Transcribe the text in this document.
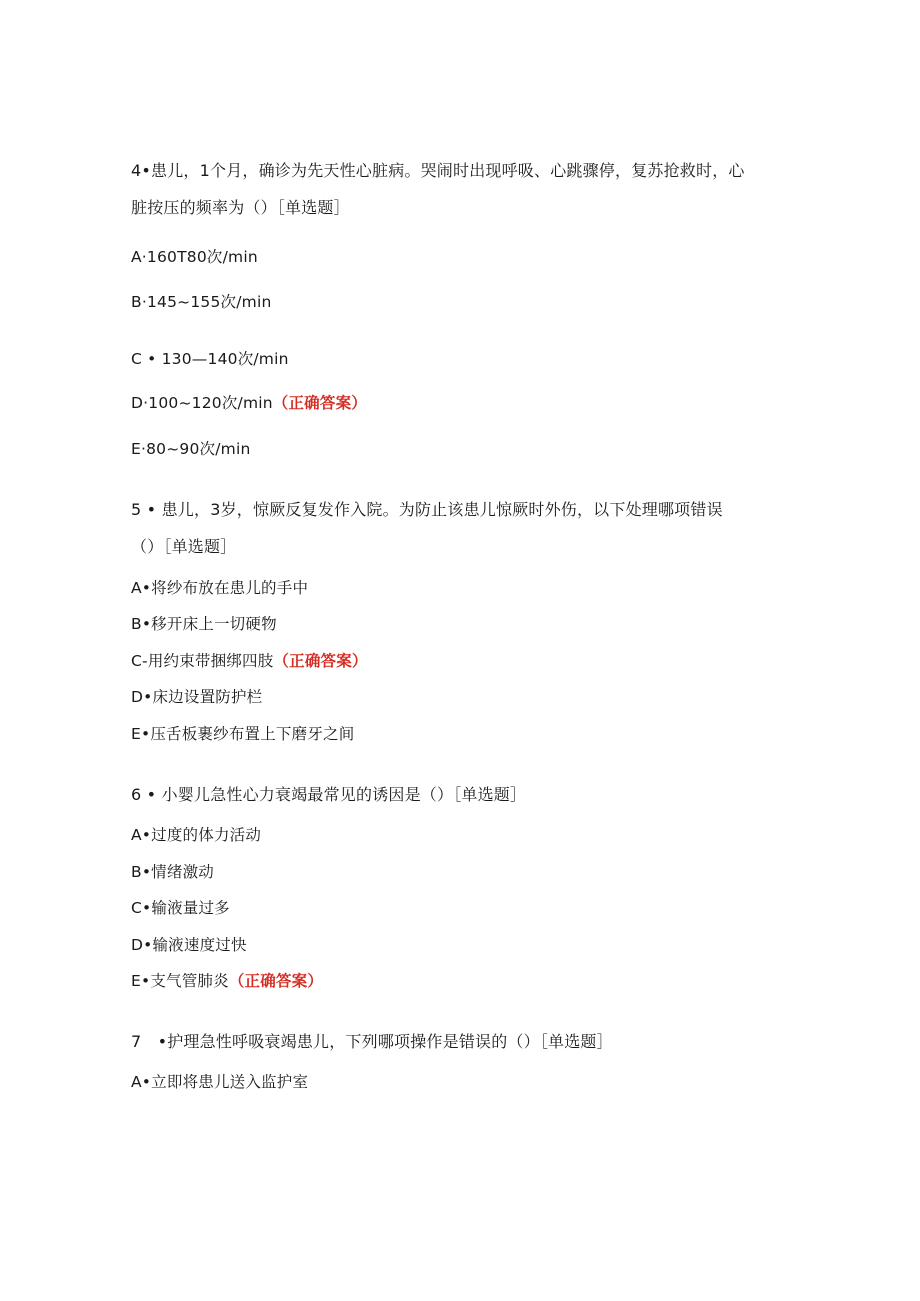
4•患儿，1个月，确诊为先天性心脏病。哭闹时出现呼吸、心跳骤停，复苏抢救时，心
脏按压的频率为（）［单选题］
A·160T80次/min
B·145~155次/min
C • 130—140次/min
D·100~120次/min（正确答案）
E·80~90次/min
5 • 患儿，3岁，惊厥反复发作入院。为防止该患儿惊厥时外伤，以下处理哪项错误
（）［单选题］
A•将纱布放在患儿的手中
B•移开床上一切硬物
C-用约束带捆绑四肢（正确答案）
D•床边设置防护栏
E•压舌板裹纱布置上下磨牙之间
6 • 小婴儿急性心力衰竭最常见的诱因是（）［单选题］
A•过度的体力活动
B•情绪激动
C•输液量过多
D•输液速度过快
E•支气管肺炎（正确答案）
7　•护理急性呼吸衰竭患儿，下列哪项操作是错误的（）［单选题］
A•立即将患儿送入监护室
